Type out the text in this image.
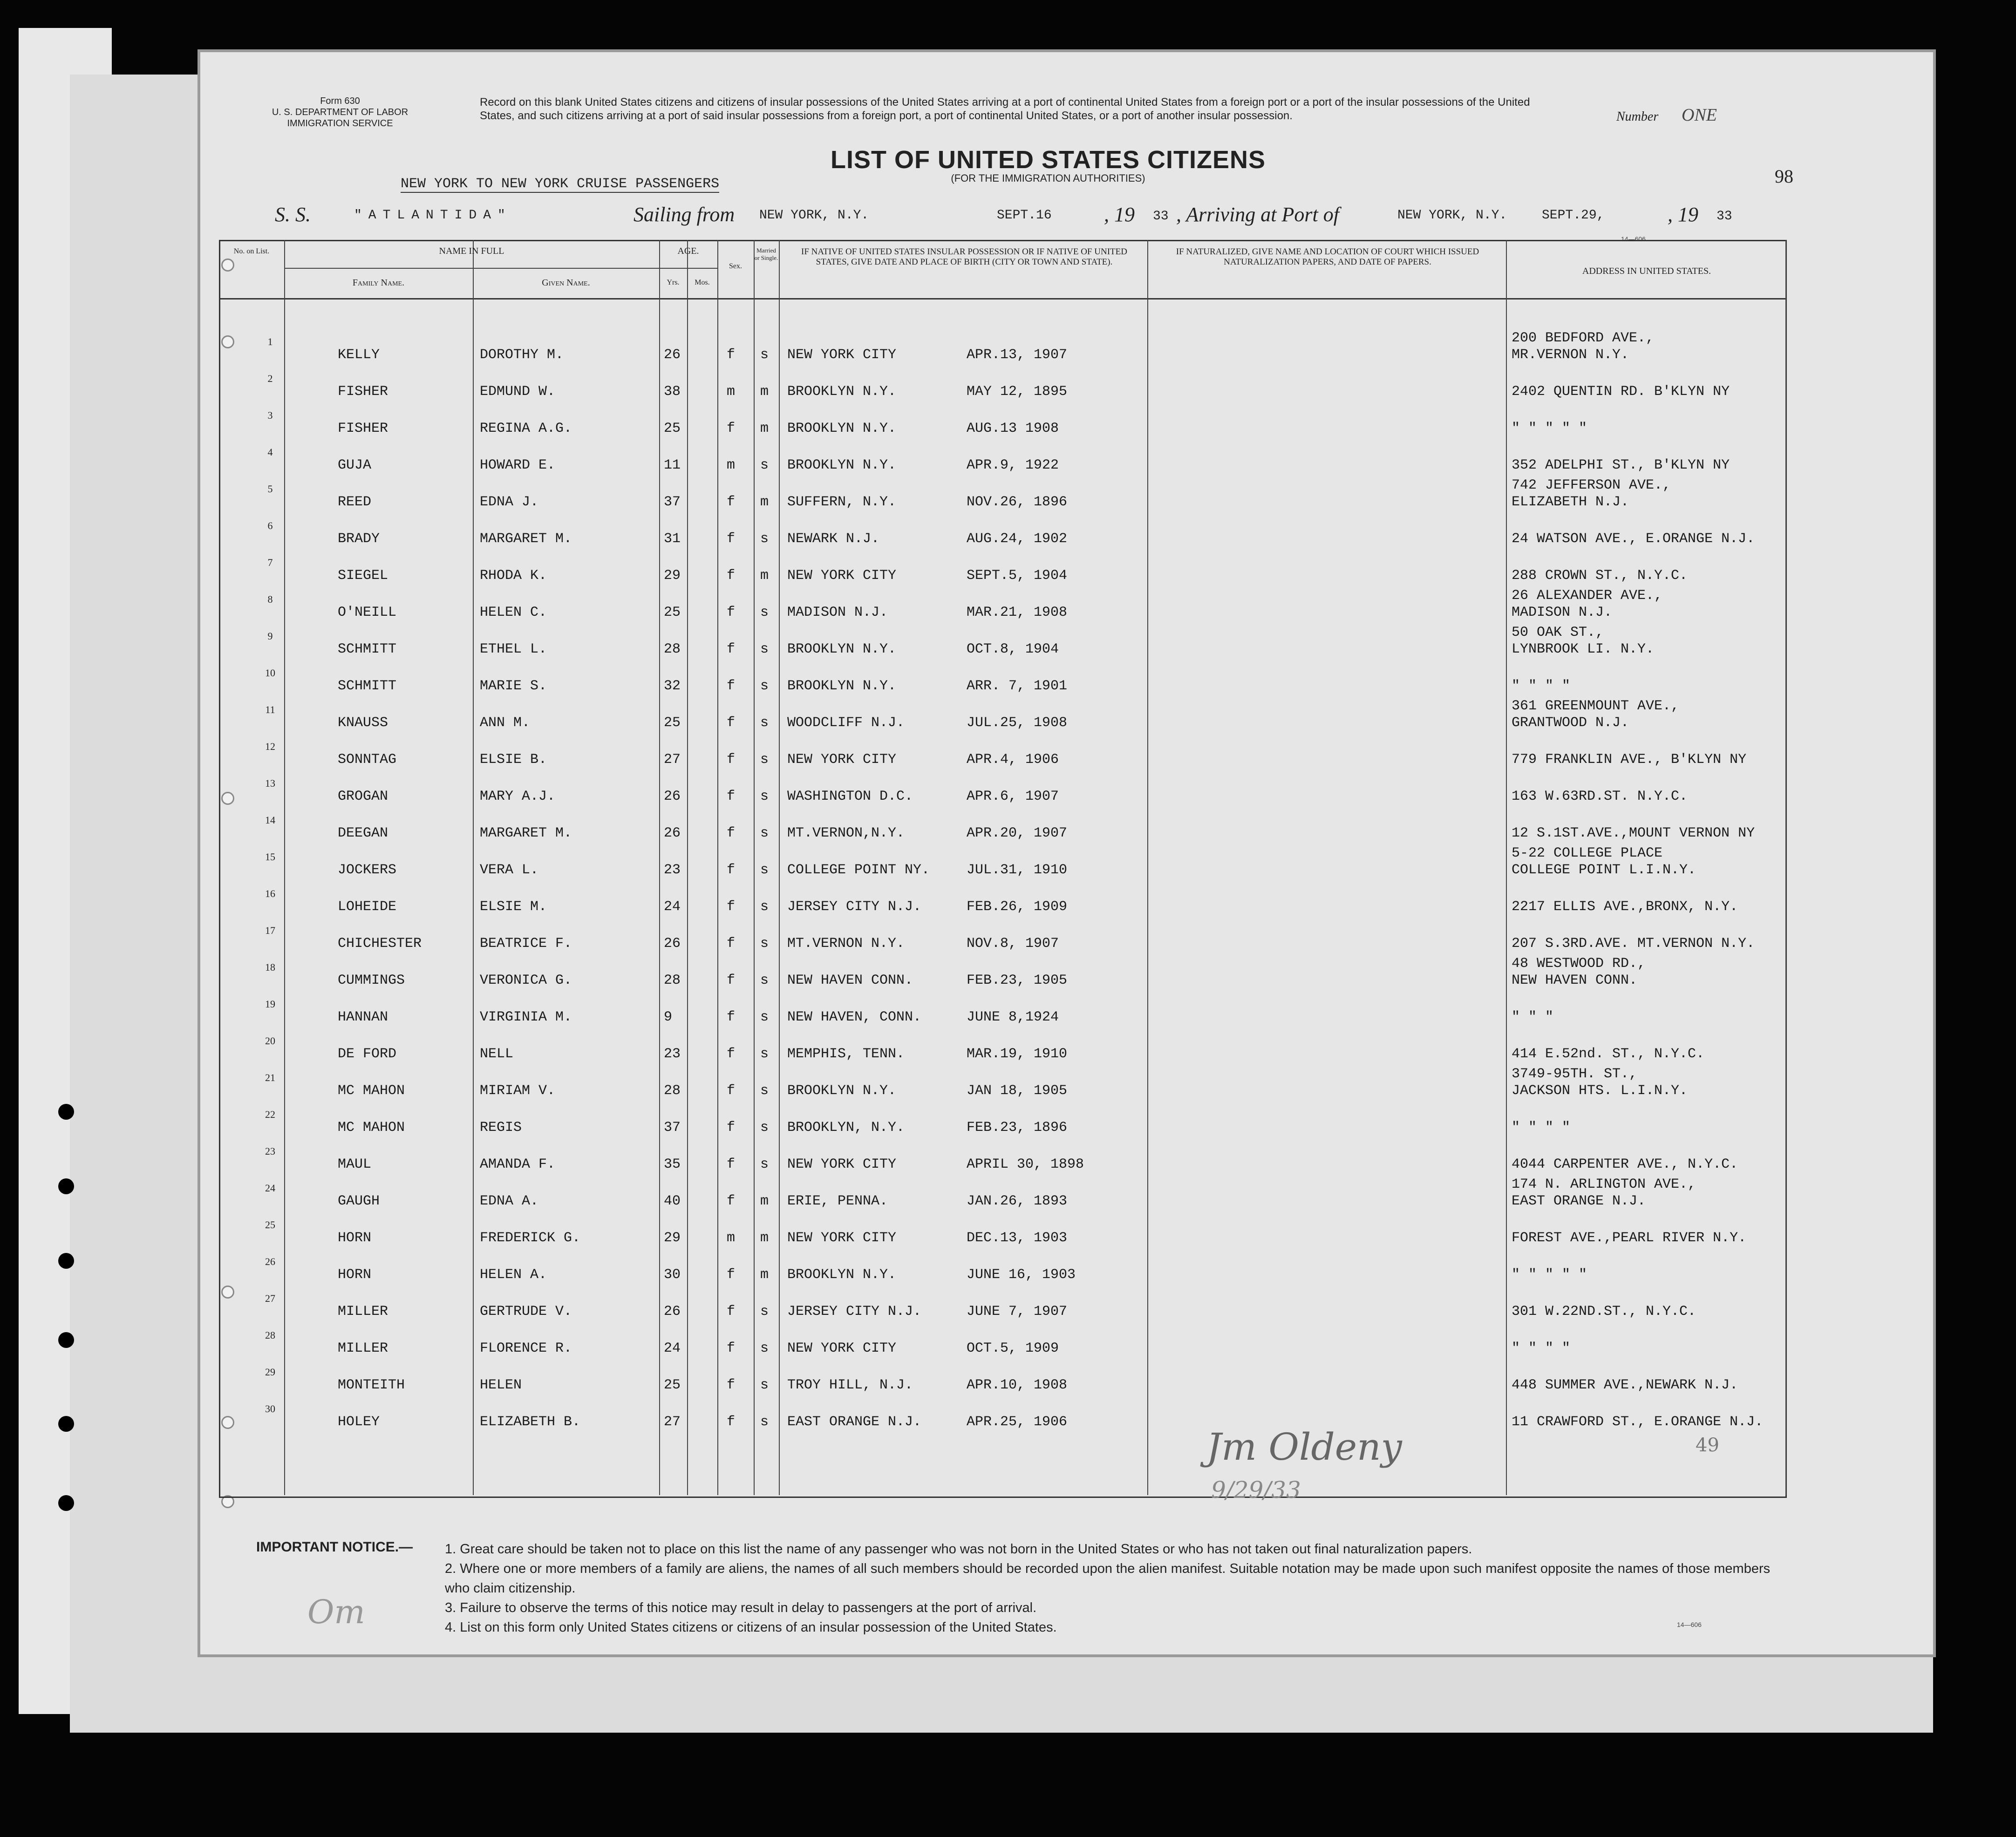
Form 630
U. S. DEPARTMENT OF LABOR
IMMIGRATION SERVICE
Record on this blank United States citizens and citizens of insular possessions of the United States arriving at a port of continental United States from a foreign port or a port of the insular possessions of the United States, and such citizens arriving at a port of said insular possessions from a foreign port, a port of continental United States, or a port of another insular possession.	Number ONE
LIST OF UNITED STATES CITIZENS
(FOR THE IMMIGRATION AUTHORITIES)	98
NEW YORK TO NEW YORK CRUISE PASSENGERS
S. S.	"ATLANTIDA"	Sailing from NEW YORK, N.Y.	SEPT.16	, 19 33 , Arriving at Port of	NEW YORK, N.Y.	SEPT.29,	, 19 33
14—606
No. on List.	NAME IN FULL
Family Name.	Given Name.
AGE.
Yrs.	Mos.
Sex.
Married or Single.
IF NATIVE OF UNITED STATES INSULAR POSSESSION OR IF NATIVE OF UNITED STATES, GIVE DATE AND PLACE OF BIRTH (CITY OR TOWN AND STATE).
IF NATURALIZED, GIVE NAME AND LOCATION OF COURT WHICH ISSUED NATURALIZATION PAPERS, AND DATE OF PAPERS.
ADDRESS IN UNITED STATES.
1
KELLY	DOROTHY M.	26	f s NEW YORK CITY	APR.13, 1907
200 BEDFORD AVE.,
MR.VERNON N.Y.
2
FISHER	EDMUND W.	38	m m BROOKLYN N.Y.	MAY 12, 1895	2402 QUENTIN RD. B'KLYN NY
3
FISHER	REGINA A.G.	25	f m BROOKLYN N.Y.	AUG.13 1908	" " " " "
4
GUJA	HOWARD E.	11	m s BROOKLYN N.Y.	APR.9, 1922	352 ADELPHI ST., B'KLYN NY
5
REED	EDNA J.	37	f m SUFFERN, N.Y.	NOV.26, 1896
742 JEFFERSON AVE.,
ELIZABETH N.J.
6
BRADY	MARGARET M.	31	f s NEWARK N.J.	AUG.24, 1902	24 WATSON AVE., E.ORANGE N.J.
7
SIEGEL	RHODA K.	29	f m NEW YORK CITY	SEPT.5, 1904	288 CROWN ST., N.Y.C.
8
O'NEILL	HELEN C.	25	f s MADISON N.J.	MAR.21, 1908
26 ALEXANDER AVE.,
MADISON N.J.
9
SCHMITT	ETHEL L.	28	f s BROOKLYN N.Y.	OCT.8, 1904
50 OAK ST.,
LYNBROOK LI. N.Y.
10
SCHMITT	MARIE S.	32	f s BROOKLYN N.Y.	ARR. 7, 1901	" " " "
11
KNAUSS	ANN M.	25	f s WOODCLIFF N.J.	JUL.25, 1908
361 GREENMOUNT AVE.,
GRANTWOOD N.J.
12
SONNTAG	ELSIE B.	27	f s NEW YORK CITY	APR.4, 1906	779 FRANKLIN AVE., B'KLYN NY
13
GROGAN	MARY A.J.	26	f s WASHINGTON D.C.	APR.6, 1907	163 W.63RD.ST. N.Y.C.
14
DEEGAN	MARGARET M.	26	f s MT.VERNON,N.Y.	APR.20, 1907	12 S.1ST.AVE.,MOUNT VERNON NY
15
JOCKERS	VERA L.	23	f s COLLEGE POINT NY.	JUL.31, 1910
5-22 COLLEGE PLACE
COLLEGE POINT L.I.N.Y.
16
LOHEIDE	ELSIE M.	24	f s JERSEY CITY N.J.	FEB.26, 1909	2217 ELLIS AVE.,BRONX, N.Y.
17
CHICHESTER	BEATRICE F.	26	f s MT.VERNON N.Y.	NOV.8, 1907	207 S.3RD.AVE. MT.VERNON N.Y.
18
CUMMINGS	VERONICA G.	28	f s NEW HAVEN CONN.	FEB.23, 1905
48 WESTWOOD RD.,
NEW HAVEN CONN.
19
HANNAN	VIRGINIA M.	9	f s NEW HAVEN, CONN.	JUNE 8,1924	" " "
20
DE FORD	NELL	23	f s MEMPHIS, TENN.	MAR.19, 1910	414 E.52nd. ST., N.Y.C.
21
MC MAHON	MIRIAM V.	28	f s BROOKLYN N.Y.	JAN 18, 1905
3749-95TH. ST.,
JACKSON HTS. L.I.N.Y.
22
MC MAHON	REGIS	37	f s BROOKLYN, N.Y.	FEB.23, 1896	" " " "
23
MAUL	AMANDA F.	35	f s NEW YORK CITY	APRIL 30, 1898	4044 CARPENTER AVE., N.Y.C.
24
GAUGH	EDNA A.	40	f m ERIE, PENNA.	JAN.26, 1893
174 N. ARLINGTON AVE.,
EAST ORANGE N.J.
25
HORN	FREDERICK G.	29	m m NEW YORK CITY	DEC.13, 1903	FOREST AVE.,PEARL RIVER N.Y.
26
HORN	HELEN A.	30	f m BROOKLYN N.Y.	JUNE 16, 1903	" " " " "
27
MILLER	GERTRUDE V.	26	f s JERSEY CITY N.J.	JUNE 7, 1907	301 W.22ND.ST., N.Y.C.
28
MILLER	FLORENCE R.	24	f s NEW YORK CITY	OCT.5, 1909	" " " "
29
MONTEITH	HELEN	25	f s TROY HILL, N.J.	APR.10, 1908	448 SUMMER AVE.,NEWARK N.J.
30
HOLEY	ELIZABETH B.	27	f s EAST ORANGE N.J.	APR.25, 1906	11 CRAWFORD ST., E.ORANGE N.J.
49
Jm Oldeny
9/29/33
Om
IMPORTANT NOTICE.— 1. Great care should be taken not to place on this list the name of any passenger who was not born in the United States or who has not taken out final naturalization papers.
2. Where one or more members of a family are aliens, the names of all such members should be recorded upon the alien manifest. Suitable notation may be made upon such manifest opposite the names of those members who claim citizenship.
3. Failure to observe the terms of this notice may result in delay to passengers at the port of arrival.
4. List on this form only United States citizens or citizens of an insular possession of the United States.	14—606
